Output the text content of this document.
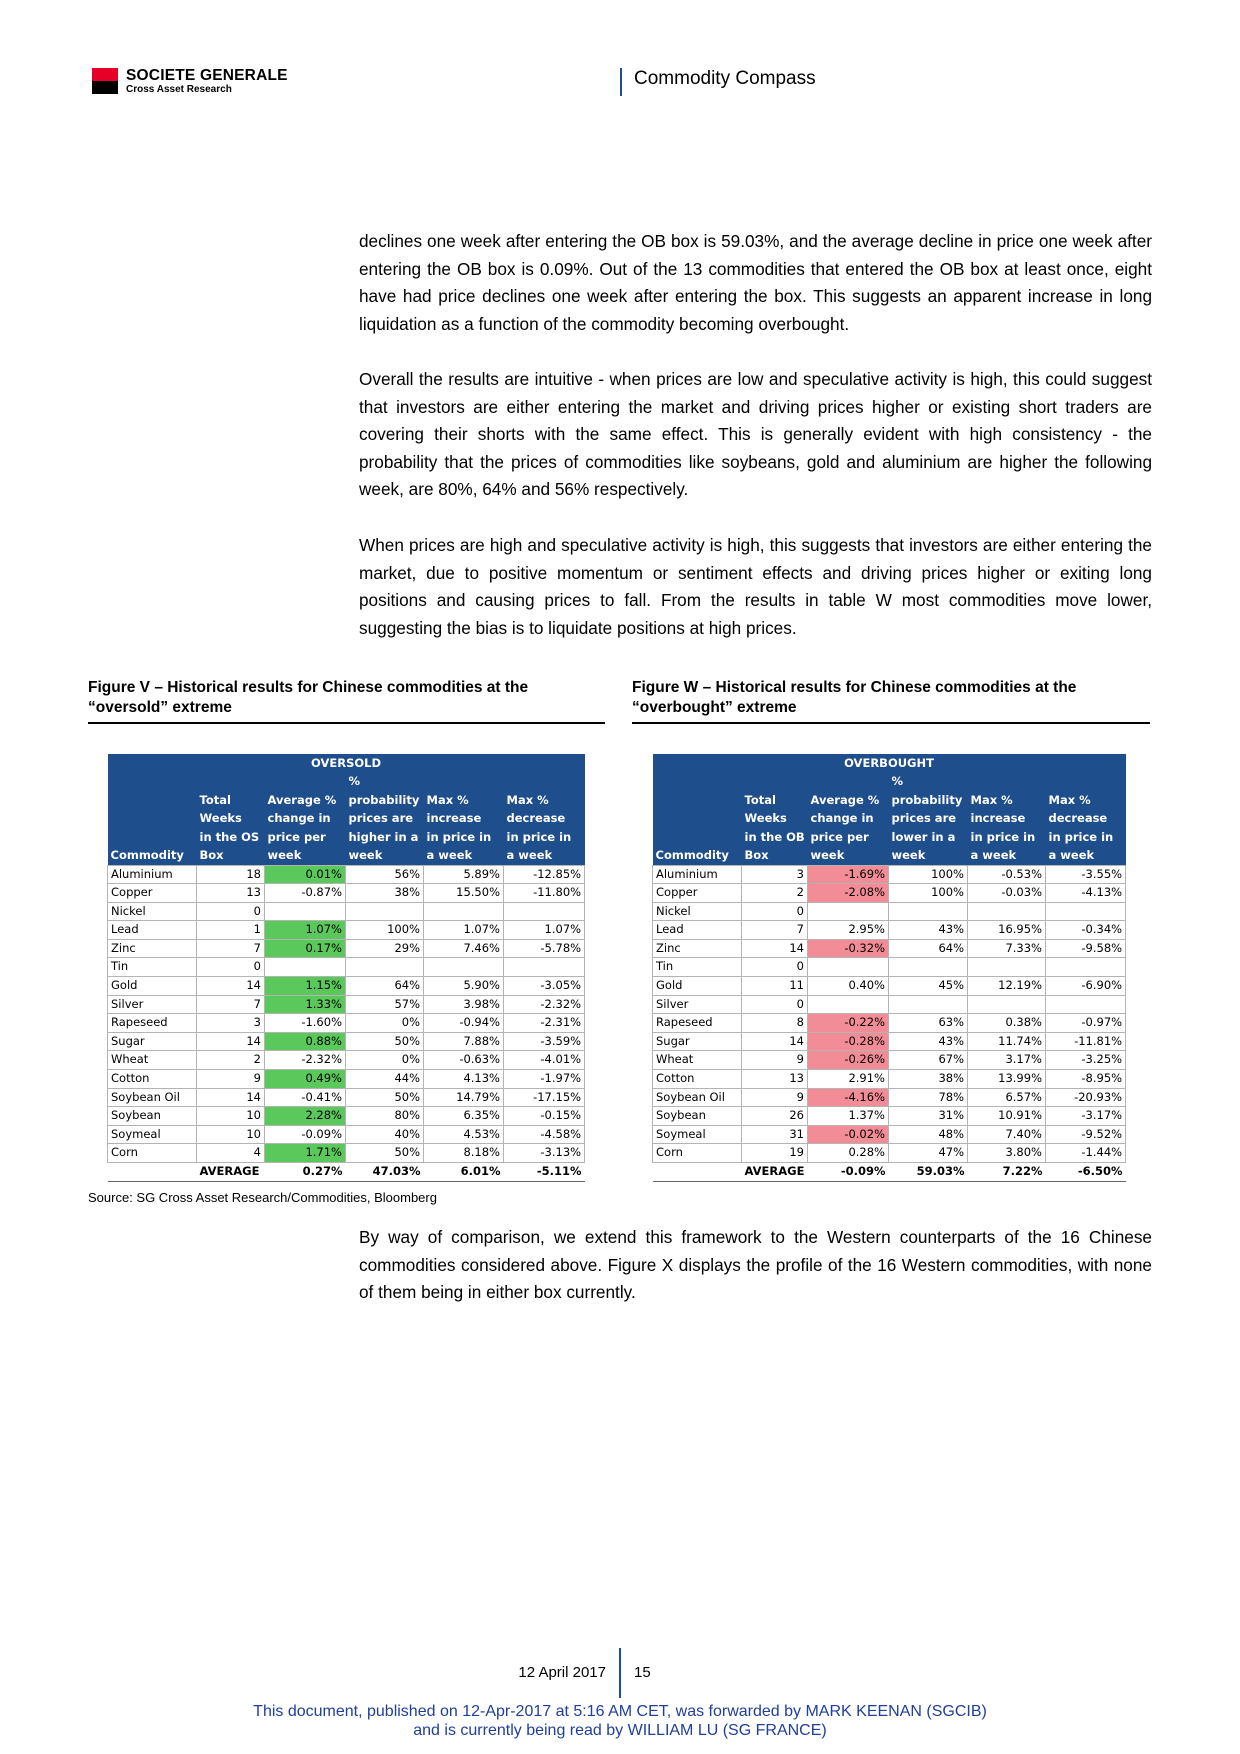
SOCIETE GENERALE
Cross Asset Research
Commodity Compass

declines one week after entering the OB box is 59.03%, and the average decline in price one week after entering the OB box is 0.09%. Out of the 13 commodities that entered the OB box at least once, eight have had price declines one week after entering the box. This suggests an apparent increase in long liquidation as a function of the commodity becoming overbought.

Overall the results are intuitive - when prices are low and speculative activity is high, this could suggest that investors are either entering the market and driving prices higher or existing short traders are covering their shorts with the same effect. This is generally evident with high consistency - the probability that the prices of commodities like soybeans, gold and aluminium are higher the following week, are 80%, 64% and 56% respectively.

When prices are high and speculative activity is high, this suggests that investors are either entering the market, due to positive momentum or sentiment effects and driving prices higher or exiting long positions and causing prices to fall. From the results in table W most commodities move lower, suggesting the bias is to liquidate positions at high prices.

Figure V – Historical results for Chinese commodities at the “oversold” extreme

Figure W – Historical results for Chinese commodities at the “overbought” extreme

OVERSOLD					
			%		
	Total	Average %	probability	Max %	Max %
	Weeks	change in	prices are	increase	decrease
	in the OS	price per	higher in a	in price in	in price in
Commodity	Box	week	week	a week	a week
Aluminium	18	0.01%	56%	5.89%	-12.85%
Copper	13	-0.87%	38%	15.50%	-11.80%
Nickel	0				
Lead	1	1.07%	100%	1.07%	1.07%
Zinc	7	0.17%	29%	7.46%	-5.78%
Tin	0				
Gold	14	1.15%	64%	5.90%	-3.05%
Silver	7	1.33%	57%	3.98%	-2.32%
Rapeseed	3	-1.60%	0%	-0.94%	-2.31%
Sugar	14	0.88%	50%	7.88%	-3.59%
Wheat	2	-2.32%	0%	-0.63%	-4.01%
Cotton	9	0.49%	44%	4.13%	-1.97%
Soybean Oil	14	-0.41%	50%	14.79%	-17.15%
Soybean	10	2.28%	80%	6.35%	-0.15%
Soymeal	10	-0.09%	40%	4.53%	-4.58%
Corn	4	1.71%	50%	8.18%	-3.13%
	AVERAGE	0.27%	47.03%	6.01%	-5.11%
OVERBOUGHT					
			%		
	Total	Average %	probability	Max %	Max %
	Weeks	change in	prices are	increase	decrease
	in the OB	price per	lower in a	in price in	in price in
Commodity	Box	week	week	a week	a week
Aluminium	3	-1.69%	100%	-0.53%	-3.55%
Copper	2	-2.08%	100%	-0.03%	-4.13%
Nickel	0				
Lead	7	2.95%	43%	16.95%	-0.34%
Zinc	14	-0.32%	64%	7.33%	-9.58%
Tin	0				
Gold	11	0.40%	45%	12.19%	-6.90%
Silver	0				
Rapeseed	8	-0.22%	63%	0.38%	-0.97%
Sugar	14	-0.28%	43%	11.74%	-11.81%
Wheat	9	-0.26%	67%	3.17%	-3.25%
Cotton	13	2.91%	38%	13.99%	-8.95%
Soybean Oil	9	-4.16%	78%	6.57%	-20.93%
Soybean	26	1.37%	31%	10.91%	-3.17%
Soymeal	31	-0.02%	48%	7.40%	-9.52%
Corn	19	0.28%	47%	3.80%	-1.44%
	AVERAGE	-0.09%	59.03%	7.22%	-6.50%
Source: SG Cross Asset Research/Commodities, Bloomberg

By way of comparison, we extend this framework to the Western counterparts of the 16 Chinese commodities considered above. Figure X displays the profile of the 16 Western commodities, with none of them being in either box currently.

12 April 2017 15

This document, published on 12-Apr-2017 at 5:16 AM CET, was forwarded by MARK KEENAN (SGCIB)

and is currently being read by WILLIAM LU (SG FRANCE)
